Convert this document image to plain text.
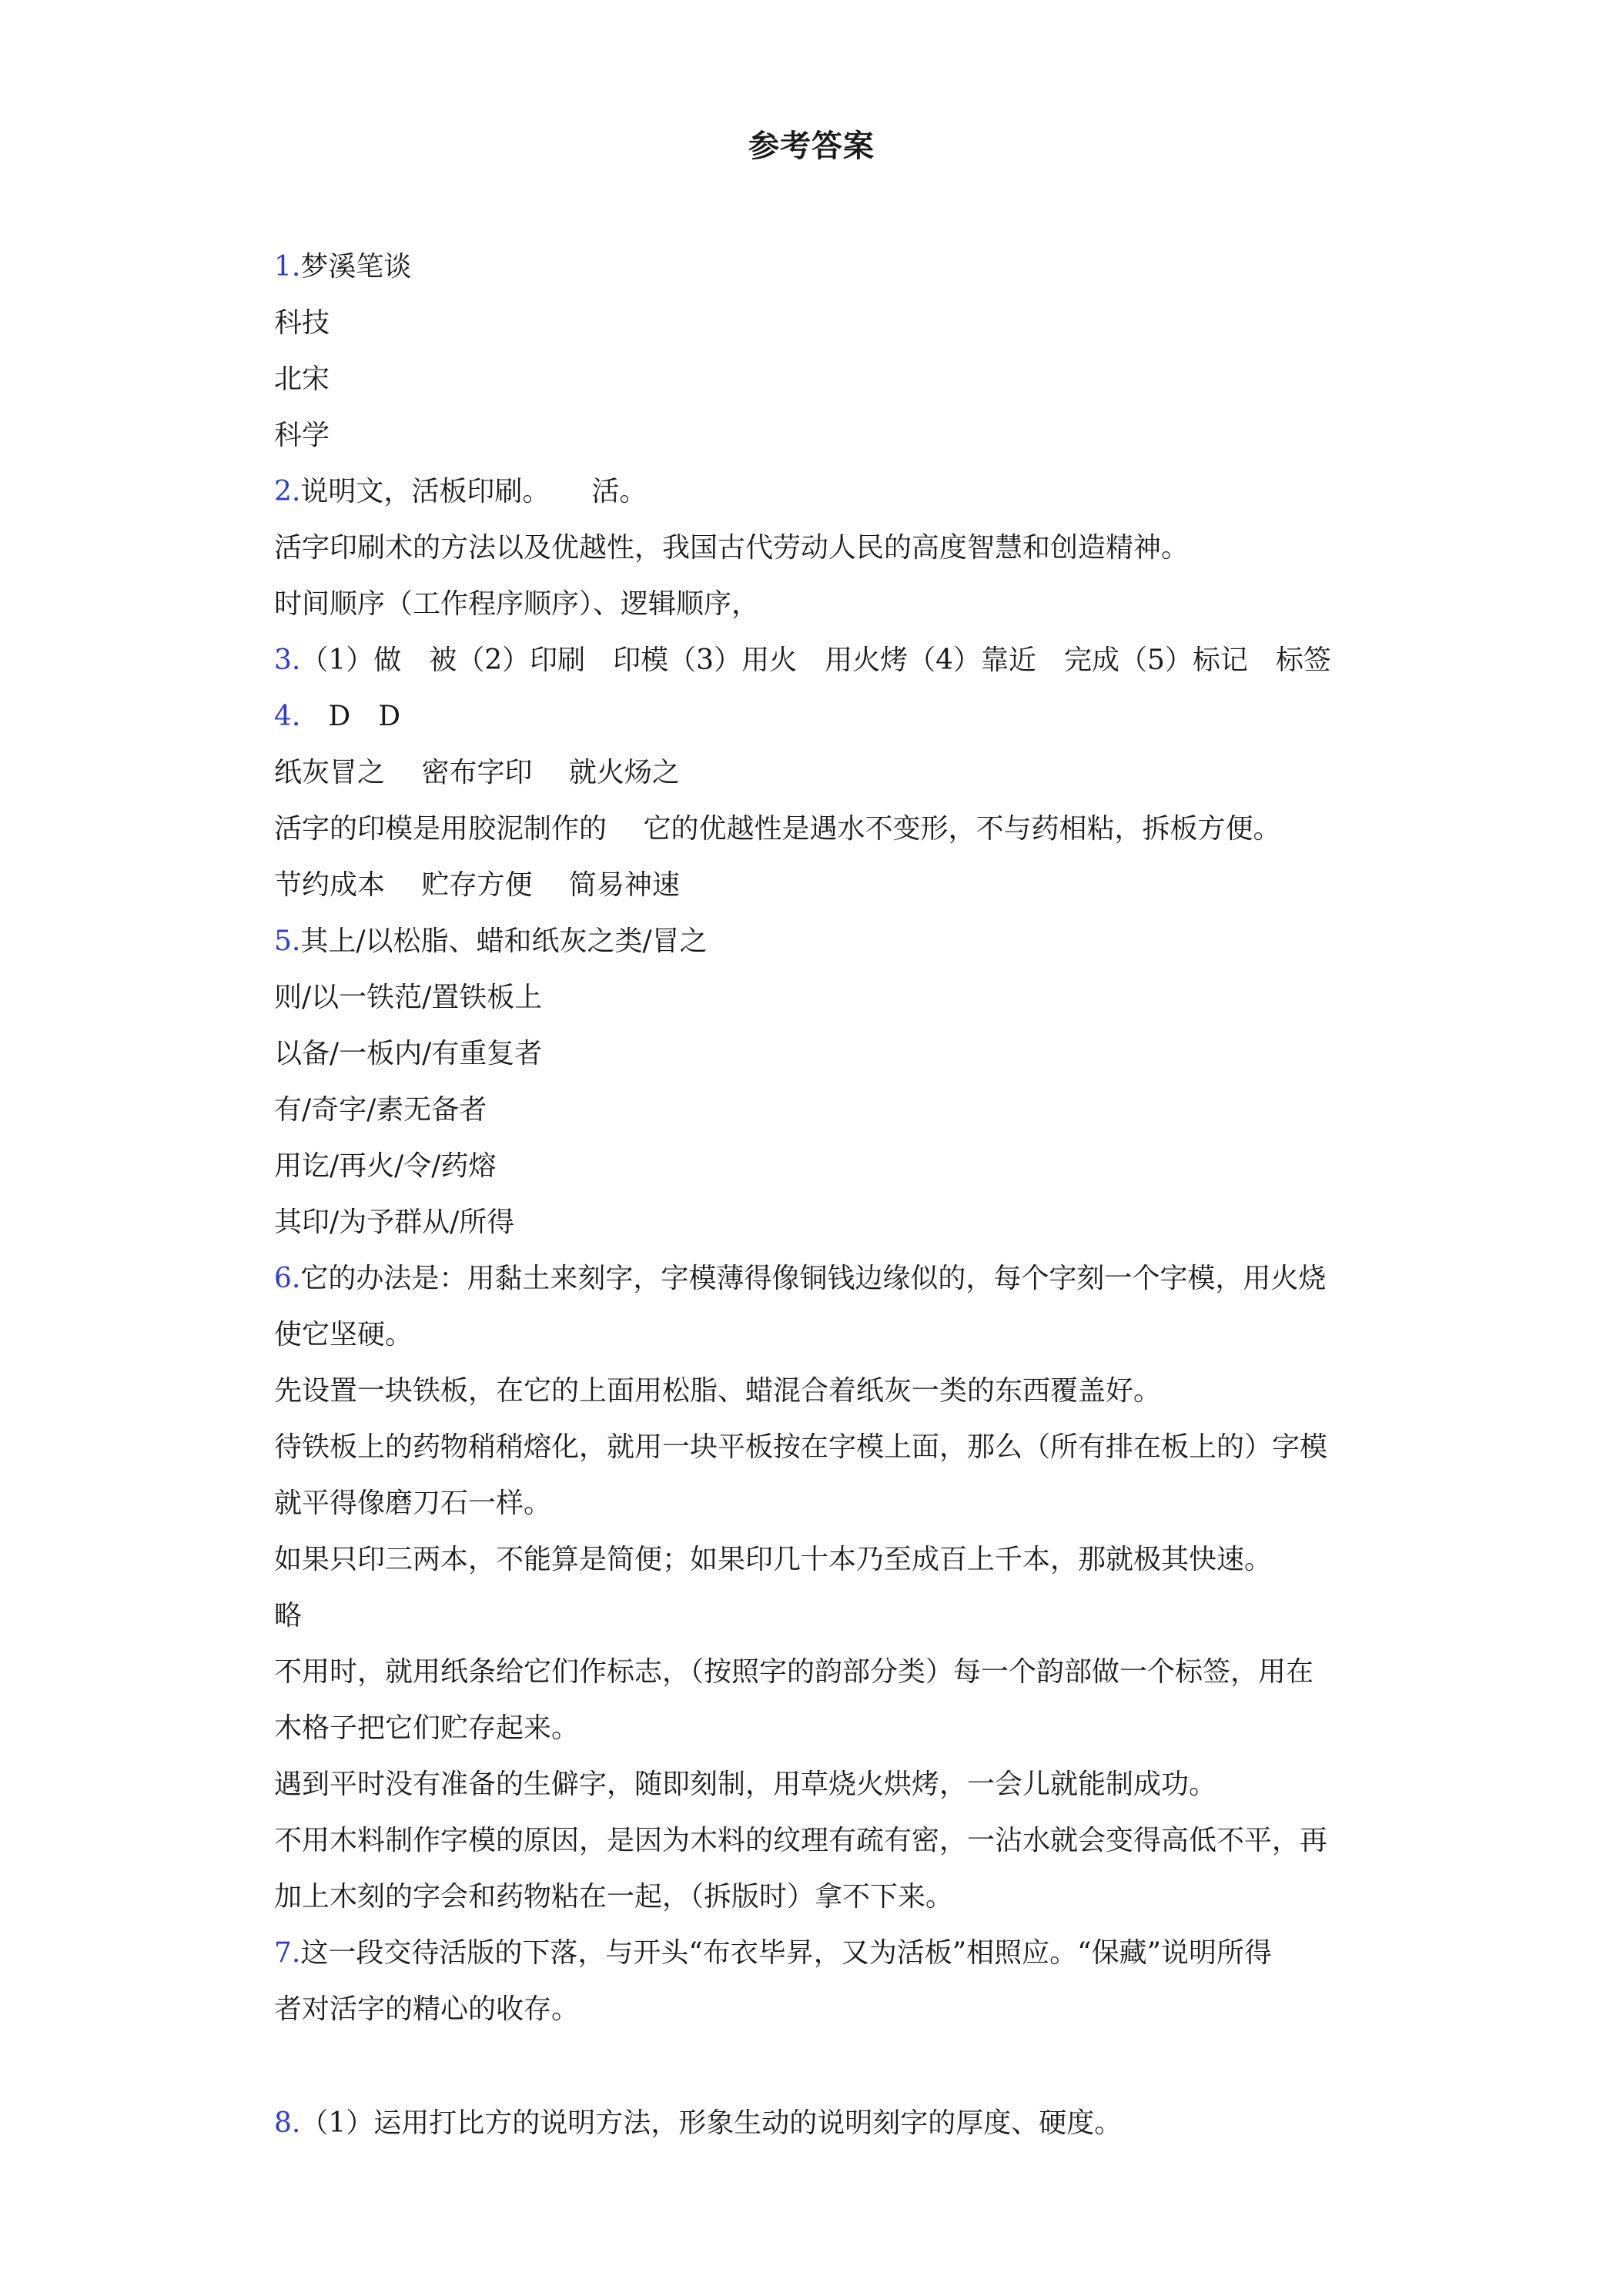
参考答案
1.梦溪笔谈
科技
北宋
科学
2.说明文，活板印刷。　　活。
活字印刷术的方法以及优越性，我国古代劳动人民的高度智慧和创造精神。
时间顺序（工作程序顺序）、逻辑顺序，
3.（1）做　被（2）印刷　印模（3）用火　用火烤（4）靠近　完成（5）标记　标签
4.　D　D
纸灰冒之　 密布字印　 就火炀之
活字的印模是用胶泥制作的　 它的优越性是遇水不变形，不与药相粘，拆板方便。
节约成本　 贮存方便　 简易神速
5.其上/以松脂、蜡和纸灰之类/冒之
则/以一铁范/置铁板上
以备/一板内/有重复者
有/奇字/素无备者
用讫/再火/令/药熔
其印/为予群从/所得
6.它的办法是：用黏土来刻字，字模薄得像铜钱边缘似的，每个字刻一个字模，用火烧
使它坚硬。
先设置一块铁板，在它的上面用松脂、蜡混合着纸灰一类的东西覆盖好。
待铁板上的药物稍稍熔化，就用一块平板按在字模上面，那么（所有排在板上的）字模
就平得像磨刀石一样。
如果只印三两本，不能算是简便；如果印几十本乃至成百上千本，那就极其快速。
略
不用时，就用纸条给它们作标志，（按照字的韵部分类）每一个韵部做一个标签，用在
木格子把它们贮存起来。
遇到平时没有准备的生僻字，随即刻制，用草烧火烘烤，一会儿就能制成功。
不用木料制作字模的原因，是因为木料的纹理有疏有密，一沾水就会变得高低不平，再
加上木刻的字会和药物粘在一起，（拆版时）拿不下来。
7.这一段交待活版的下落，与开头“布衣毕昇，又为活板”相照应。“保藏”说明所得
者对活字的精心的收存。
8.（1）运用打比方的说明方法，形象生动的说明刻字的厚度、硬度。
